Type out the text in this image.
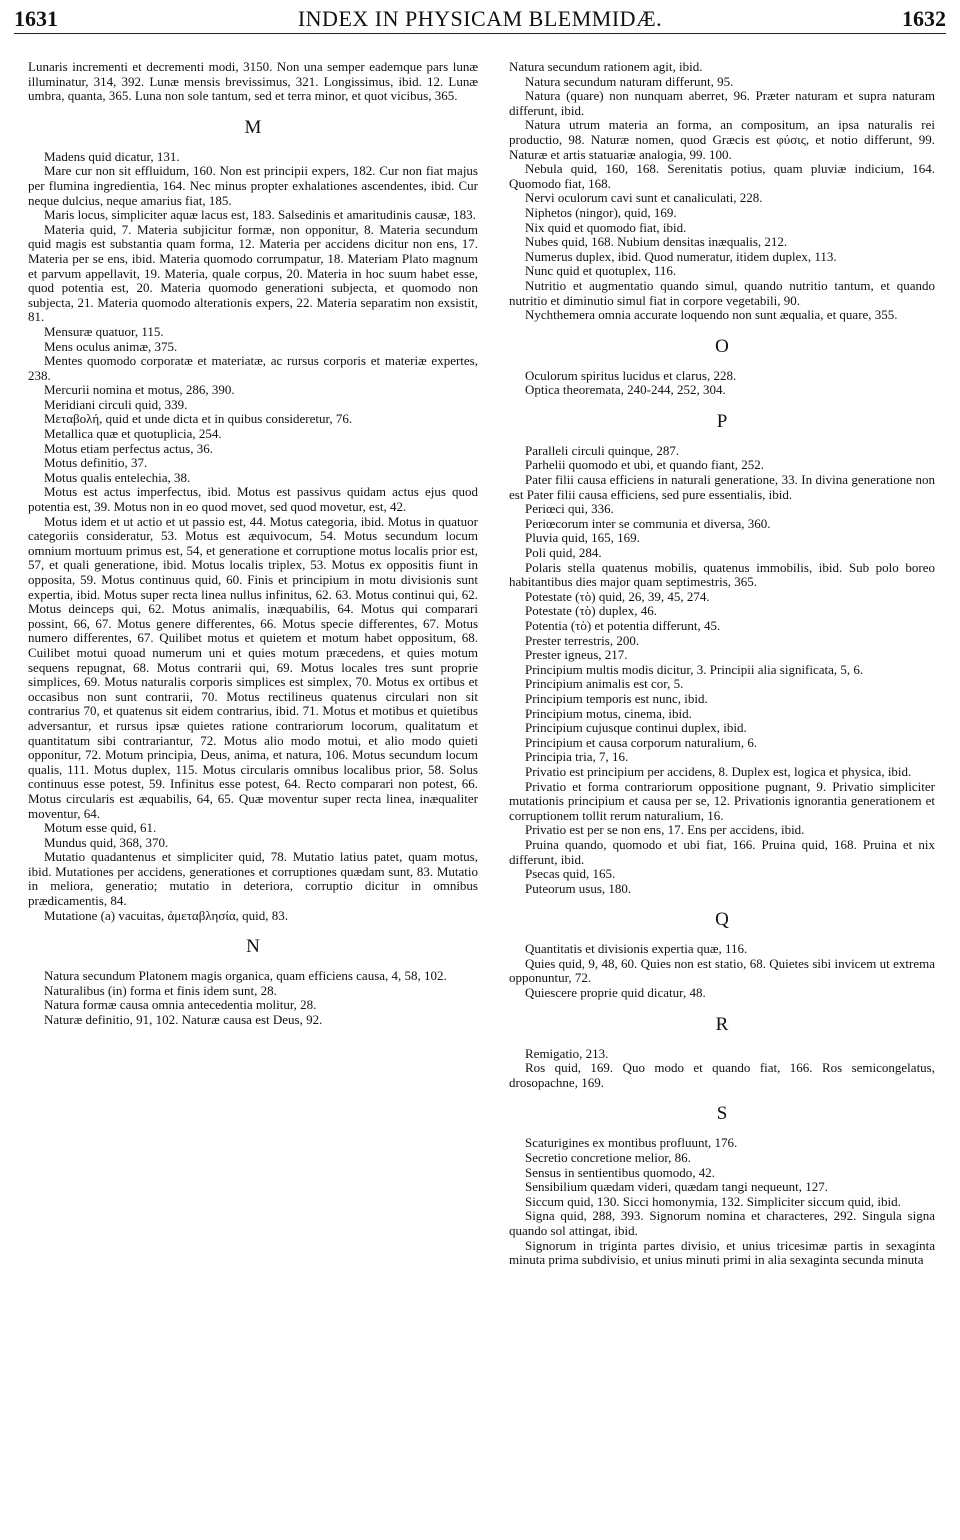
1631	INDEX IN PHYSICAM BLEMMIDÆ.	1632

Lunaris incrementi et decrementi modi, 3150. Non una semper eademque pars lunæ illuminatur, 314, 392. Lunæ mensis brevissimus, 321. Longissimus, ibid. 12. Lunæ umbra, quanta, 365. Luna non sole tantum, sed et terra minor, et quot vicibus, 365.

M

Madens quid dicatur, 131.

Mare cur non sit effluidum, 160. Non est principii expers, 182. Cur non fiat majus per flumina ingredientia, 164. Nec minus propter exhalationes ascendentes, ibid. Cur neque dulcius, neque amarius fiat, 185.

Maris locus, simpliciter aquæ lacus est, 183. Salsedinis et amaritudinis causæ, 183.

Materia quid, 7. Materia subjicitur formæ, non opponitur, 8. Materia secundum quid magis est substantia quam forma, 12. Materia per accidens dicitur non ens, 17. Materia per se ens, ibid. Materia quomodo corrumpatur, 18. Materiam Plato magnum et parvum appellavit, 19. Materia, quale corpus, 20. Materia in hoc suum habet esse, quod potentia est, 20. Materia quomodo generationi subjecta, et quomodo non subjecta, 21. Materia quomodo alterationis expers, 22. Materia separatim non exsistit, 81.

Mensuræ quatuor, 115.

Mens oculus animæ, 375.

Mentes quomodo corporatæ et materiatæ, ac rursus corporis et materiæ expertes, 238.

Mercurii nomina et motus, 286, 390.

Meridiani circuli quid, 339.

Μεταβολή, quid et unde dicta et in quibus consideretur, 76.

Metallica quæ et quotuplicia, 254.

Motus etiam perfectus actus, 36.

Motus definitio, 37.

Motus qualis entelechia, 38.

Motus est actus imperfectus, ibid. Motus est passivus quidam actus ejus quod potentia est, 39. Motus non in eo quod movet, sed quod movetur, est, 42.

Motus idem et ut actio et ut passio est, 44. Motus categoria, ibid. Motus in quatuor categoriis consideratur, 53. Motus est æquivocum, 54. Motus secundum locum omnium mortuum primus est, 54, et generatione et corruptione motus localis prior est, 57, et quali generatione, ibid. Motus localis triplex, 53. Motus ex oppositis fiunt in opposita, 59. Motus continuus quid, 60. Finis et principium in motu divisionis sunt expertia, ibid. Motus super recta linea nullus infinitus, 62. 63. Motus continui qui, 62. Motus deinceps qui, 62. Motus animalis, inæquabilis, 64. Motus qui comparari possint, 66, 67. Motus genere differentes, 66. Motus specie differentes, 67. Motus numero differentes, 67. Quilibet motus et quietem et motum habet oppositum, 68. Cuilibet motui quoad numerum uni et quies motum præcedens, et quies motum sequens repugnat, 68. Motus contrarii qui, 69. Motus locales tres sunt proprie simplices, 69. Motus naturalis corporis simplices est simplex, 70. Motus ex ortibus et occasibus non sunt contrarii, 70. Motus rectilineus quatenus circulari non sit contrarius 70, et quatenus sit eidem contrarius, ibid. 71. Motus et motibus et quietibus adversantur, et rursus ipsæ quietes ratione contrariorum locorum, qualitatum et quantitatum sibi contrariantur, 72. Motus alio modo motui, et alio modo quieti opponitur, 72. Motum principia, Deus, anima, et natura, 106. Motus secundum locum qualis, 111. Motus duplex, 115. Motus circularis omnibus localibus prior, 58. Solus continuus esse potest, 59. Infinitus esse potest, 64. Recto comparari non potest, 66. Motus circularis est æquabilis, 64, 65. Quæ moventur super recta linea, inæqualiter moventur, 64.

Motum esse quid, 61.

Mundus quid, 368, 370.

Mutatio quadantenus et simpliciter quid, 78. Mutatio latius patet, quam motus, ibid. Mutationes per accidens, generationes et corruptiones quædam sunt, 83. Mutatio in meliora, generatio; mutatio in deteriora, corruptio dicitur in omnibus prædicamentis, 84.

Mutatione (a) vacuitas, ἀμεταβλησία, quid, 83.

N

Natura secundum Platonem magis organica, quam efficiens causa, 4, 58, 102.

Naturalibus (in) forma et finis idem sunt, 28.

Natura formæ causa omnia antecedentia molitur, 28.

Naturæ definitio, 91, 102. Naturæ causa est Deus, 92.

Natura secundum rationem agit, ibid.

Natura secundum naturam differunt, 95.

Natura (quare) non nunquam aberret, 96. Præter naturam et supra naturam differunt, ibid.

Natura utrum materia an forma, an compositum, an ipsa naturalis rei productio, 98. Naturæ nomen, quod Græcis est φύσις, et notio differunt, 99. Naturæ et artis statuariæ analogia, 99. 100.

Nebula quid, 160, 168. Serenitatis potius, quam pluviæ indicium, 164. Quomodo fiat, 168.

Nervi oculorum cavi sunt et canaliculati, 228.

Niphetos (ningor), quid, 169.

Nix quid et quomodo fiat, ibid.

Nubes quid, 168. Nubium densitas inæqualis, 212.

Numerus duplex, ibid. Quod numeratur, itidem duplex, 113.

Nunc quid et quotuplex, 116.

Nutritio et augmentatio quando simul, quando nutritio tantum, et quando nutritio et diminutio simul fiat in corpore vegetabili, 90.

Nychthemera omnia accurate loquendo non sunt æqualia, et quare, 355.

O

Oculorum spiritus lucidus et clarus, 228.

Optica theoremata, 240-244, 252, 304.

P

Paralleli circuli quinque, 287.

Parhelii quomodo et ubi, et quando fiant, 252.

Pater filii causa efficiens in naturali generatione, 33. In divina generatione non est Pater filii causa efficiens, sed pure essentialis, ibid.

Periœci qui, 336.

Periœcorum inter se communia et diversa, 360.

Pluvia quid, 165, 169.

Poli quid, 284.

Polaris stella quatenus mobilis, quatenus immobilis, ibid. Sub polo boreo habitantibus dies major quam septimestris, 365.

Potestate (τὸ) quid, 26, 39, 45, 274.

Potestate (τὸ) duplex, 46.

Potentia (τὸ) et potentia differunt, 45.

Prester terrestris, 200.

Prester igneus, 217.

Principium multis modis dicitur, 3. Principii alia significata, 5, 6.

Principium animalis est cor, 5.

Principium temporis est nunc, ibid.

Principium motus, cinema, ibid.

Principium cujusque continui duplex, ibid.

Principium et causa corporum naturalium, 6.

Principia tria, 7, 16.

Privatio est principium per accidens, 8. Duplex est, logica et physica, ibid.

Privatio et forma contrariorum oppositione pugnant, 9. Privatio simpliciter mutationis principium et causa per se, 12. Privationis ignorantia generationem et corruptionem tollit rerum naturalium, 16.

Privatio est per se non ens, 17. Ens per accidens, ibid.

Pruina quando, quomodo et ubi fiat, 166. Pruina quid, 168. Pruina et nix differunt, ibid.

Psecas quid, 165.

Puteorum usus, 180.

Q

Quantitatis et divisionis expertia quæ, 116.

Quies quid, 9, 48, 60. Quies non est statio, 68. Quietes sibi invicem ut extrema opponuntur, 72.

Quiescere proprie quid dicatur, 48.

R

Remigatio, 213.

Ros quid, 169. Quo modo et quando fiat, 166. Ros semicongelatus, drosopachne, 169.

S

Scaturigines ex montibus profluunt, 176.

Secretio concretione melior, 86.

Sensus in sentientibus quomodo, 42.

Sensibilium quædam videri, quædam tangi nequeunt, 127.

Siccum quid, 130. Sicci homonymia, 132. Simpliciter siccum quid, ibid.

Signa quid, 288, 393. Signorum nomina et characteres, 292. Singula signa quando sol attingat, ibid.

Signorum in triginta partes divisio, et unius tricesimæ partis in sexaginta minuta prima subdivisio, et unius minuti primi in alia sexaginta secunda minuta
